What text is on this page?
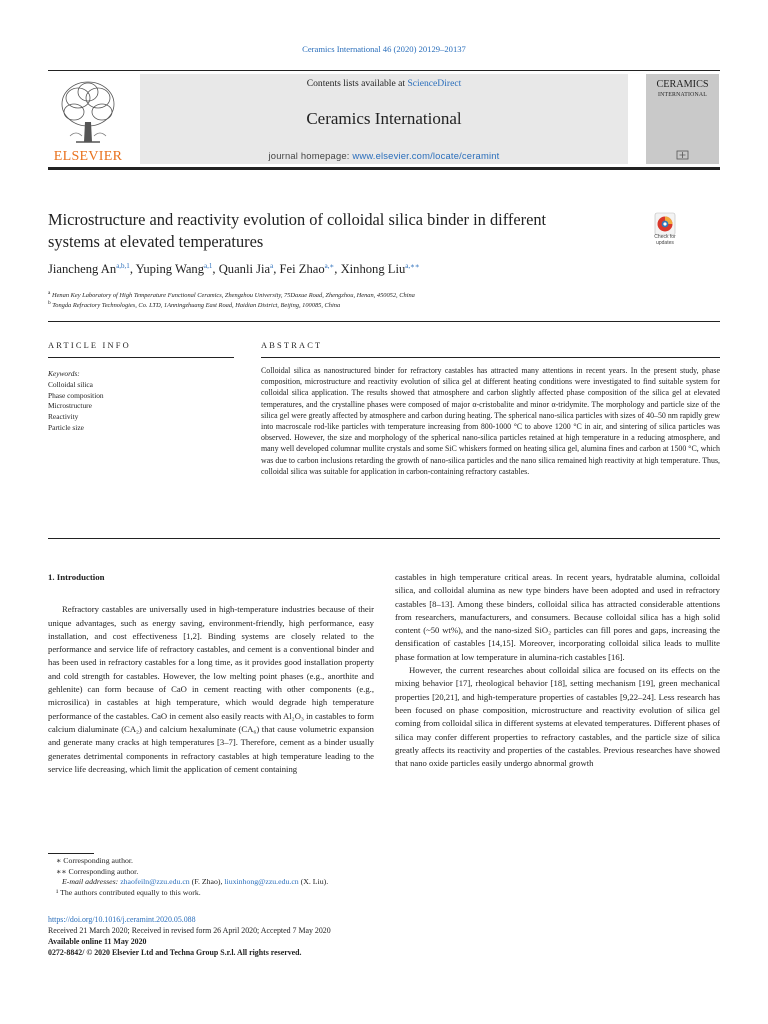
Ceramics International 46 (2020) 20129–20137
ELSEVIER
Contents lists available at ScienceDirect
Ceramics International
journal homepage: www.elsevier.com/locate/ceramint
CERAMICS
INTERNATIONAL
Microstructure and reactivity evolution of colloidal silica binder in different
systems at elevated temperatures	Check for
updates
Jiancheng An$^{a,b,1}$, Yuping Wang$^{a,1}$, Quanli Jia$^a$, Fei Zhao$^{a,∗}$, Xinhong Liu$^{a,∗∗}$
$^a$ Henan Key Laboratory of High Temperature Functional Ceramics, Zhengzhou University, 75Daxue Road, Zhengzhou, Henan, 450052, China
$^b$ Tongda Refractory Technologies, Co. LTD, 1Anningzhuang East Road, Haidian District, Beijing, 100085, China
ARTICLE INFO	ABSTRACT
Keywords:
Colloidal silica
Phase composition
Microstructure
Reactivity
Particle size
Colloidal silica as nanostructured binder for refractory castables has attracted many attentions in recent years. In the present study, phase composition, microstructure and reactivity evolution of silica gel at different heating conditions were investigated to find suitable system for colloidal silica application. The results showed that atmosphere and carbon slightly affected phase composition of the silica gel at elevated temperatures, and the crystalline phases were composed of major α-cristobalite and minor α-tridymite. The morphology and particle size of the silica gel were greatly affected by atmosphere and carbon during heating. The spherical nano-silica particles with sizes of 40–50 nm rapidly grew into macroscale rod-like particles with temperature increasing from 800-1000 °C to above 1200 °C in air, and sintering of silica particles was observed. However, the size and morphology of the spherical nano-silica particles retained at high temperature in a reducing atmosphere, and many well developed columnar mullite crystals and some SiC whiskers formed on heating silica gel, alumina fines and carbon at 1500 °C, which was due to carbon inclusions retarding the growth of nano-silica particles and the nano silica remained high reactivity at high temperature. Thus, colloidal silica was suitable for application in carbon-containing refractory castables.
1. Introduction

Refractory castables are universally used in high-temperature industries because of their unique advantages, such as energy saving, environment-friendly, high performance, easy installation, and cost effectiveness [1,2]. Binding systems are closely related to the performance and service life of refractory castables, and cement is a conventional binder and has been used in refractory castables for a long time, as it provides good installation property and cold strength for castables. However, the low melting point phases (e.g., anorthite and gehlenite) can form because of CaO in cement reacting with other components (e.g., microsilica) in castables at high temperature, which would degrade high temperature performance of the castables. CaO in cement also easily reacts with Al₂O₃ in castables to form calcium dialuminate (CA₂) and calcium hexaluminate (CA₆) that cause volumetric expansion and generate many cracks at high temperatures [3–7]. Therefore, cement as a binder usually generates detrimental components in refractory castables at high temperature leading to the service life decreasing, which limit the application of cement containing

castables in high temperature critical areas. In recent years, hydratable alumina, colloidal silica, and colloidal alumina as new type binders have been adopted and used in refractory castables [8–13]. Among these binders, colloidal silica has attracted considerable attentions from researchers, manufacturers, and consumers. Because colloidal silica has a high solid content (~50 wt%), and the nano-sized SiO₂ particles can fill pores and gaps, increasing the densification of castables [14,15]. Moreover, incorporating colloidal silica leads to mullite phase formation at low temperature in alumina-rich castables [16].

However, the current researches about colloidal silica are focused on its effects on the mixing behavior [17], rheological behavior [18], setting mechanism [19], green mechanical properties [20,21], and high-temperature properties of castables [9,22–24]. Less research has been focused on phase composition, microstructure and reactivity evolution of silica gel coming from colloidal silica in different systems at elevated temperatures. Different phases of silica may confer different properties to refractory castables, and the particle size of silica greatly affects its reactivity and properties of the castables. Previous researches have showed that nano oxide particles easily undergo abnormal growth

∗ Corresponding author.
∗∗ Corresponding author.
E-mail addresses: zhaofeiln@zzu.edu.cn (F. Zhao), liuxinhong@zzu.edu.cn (X. Liu).
¹ The authors contributed equally to this work.
https://doi.org/10.1016/j.ceramint.2020.05.088
Received 21 March 2020; Received in revised form 26 April 2020; Accepted 7 May 2020
Available online 11 May 2020
0272-8842/ © 2020 Elsevier Ltd and Techna Group S.r.l. All rights reserved.
